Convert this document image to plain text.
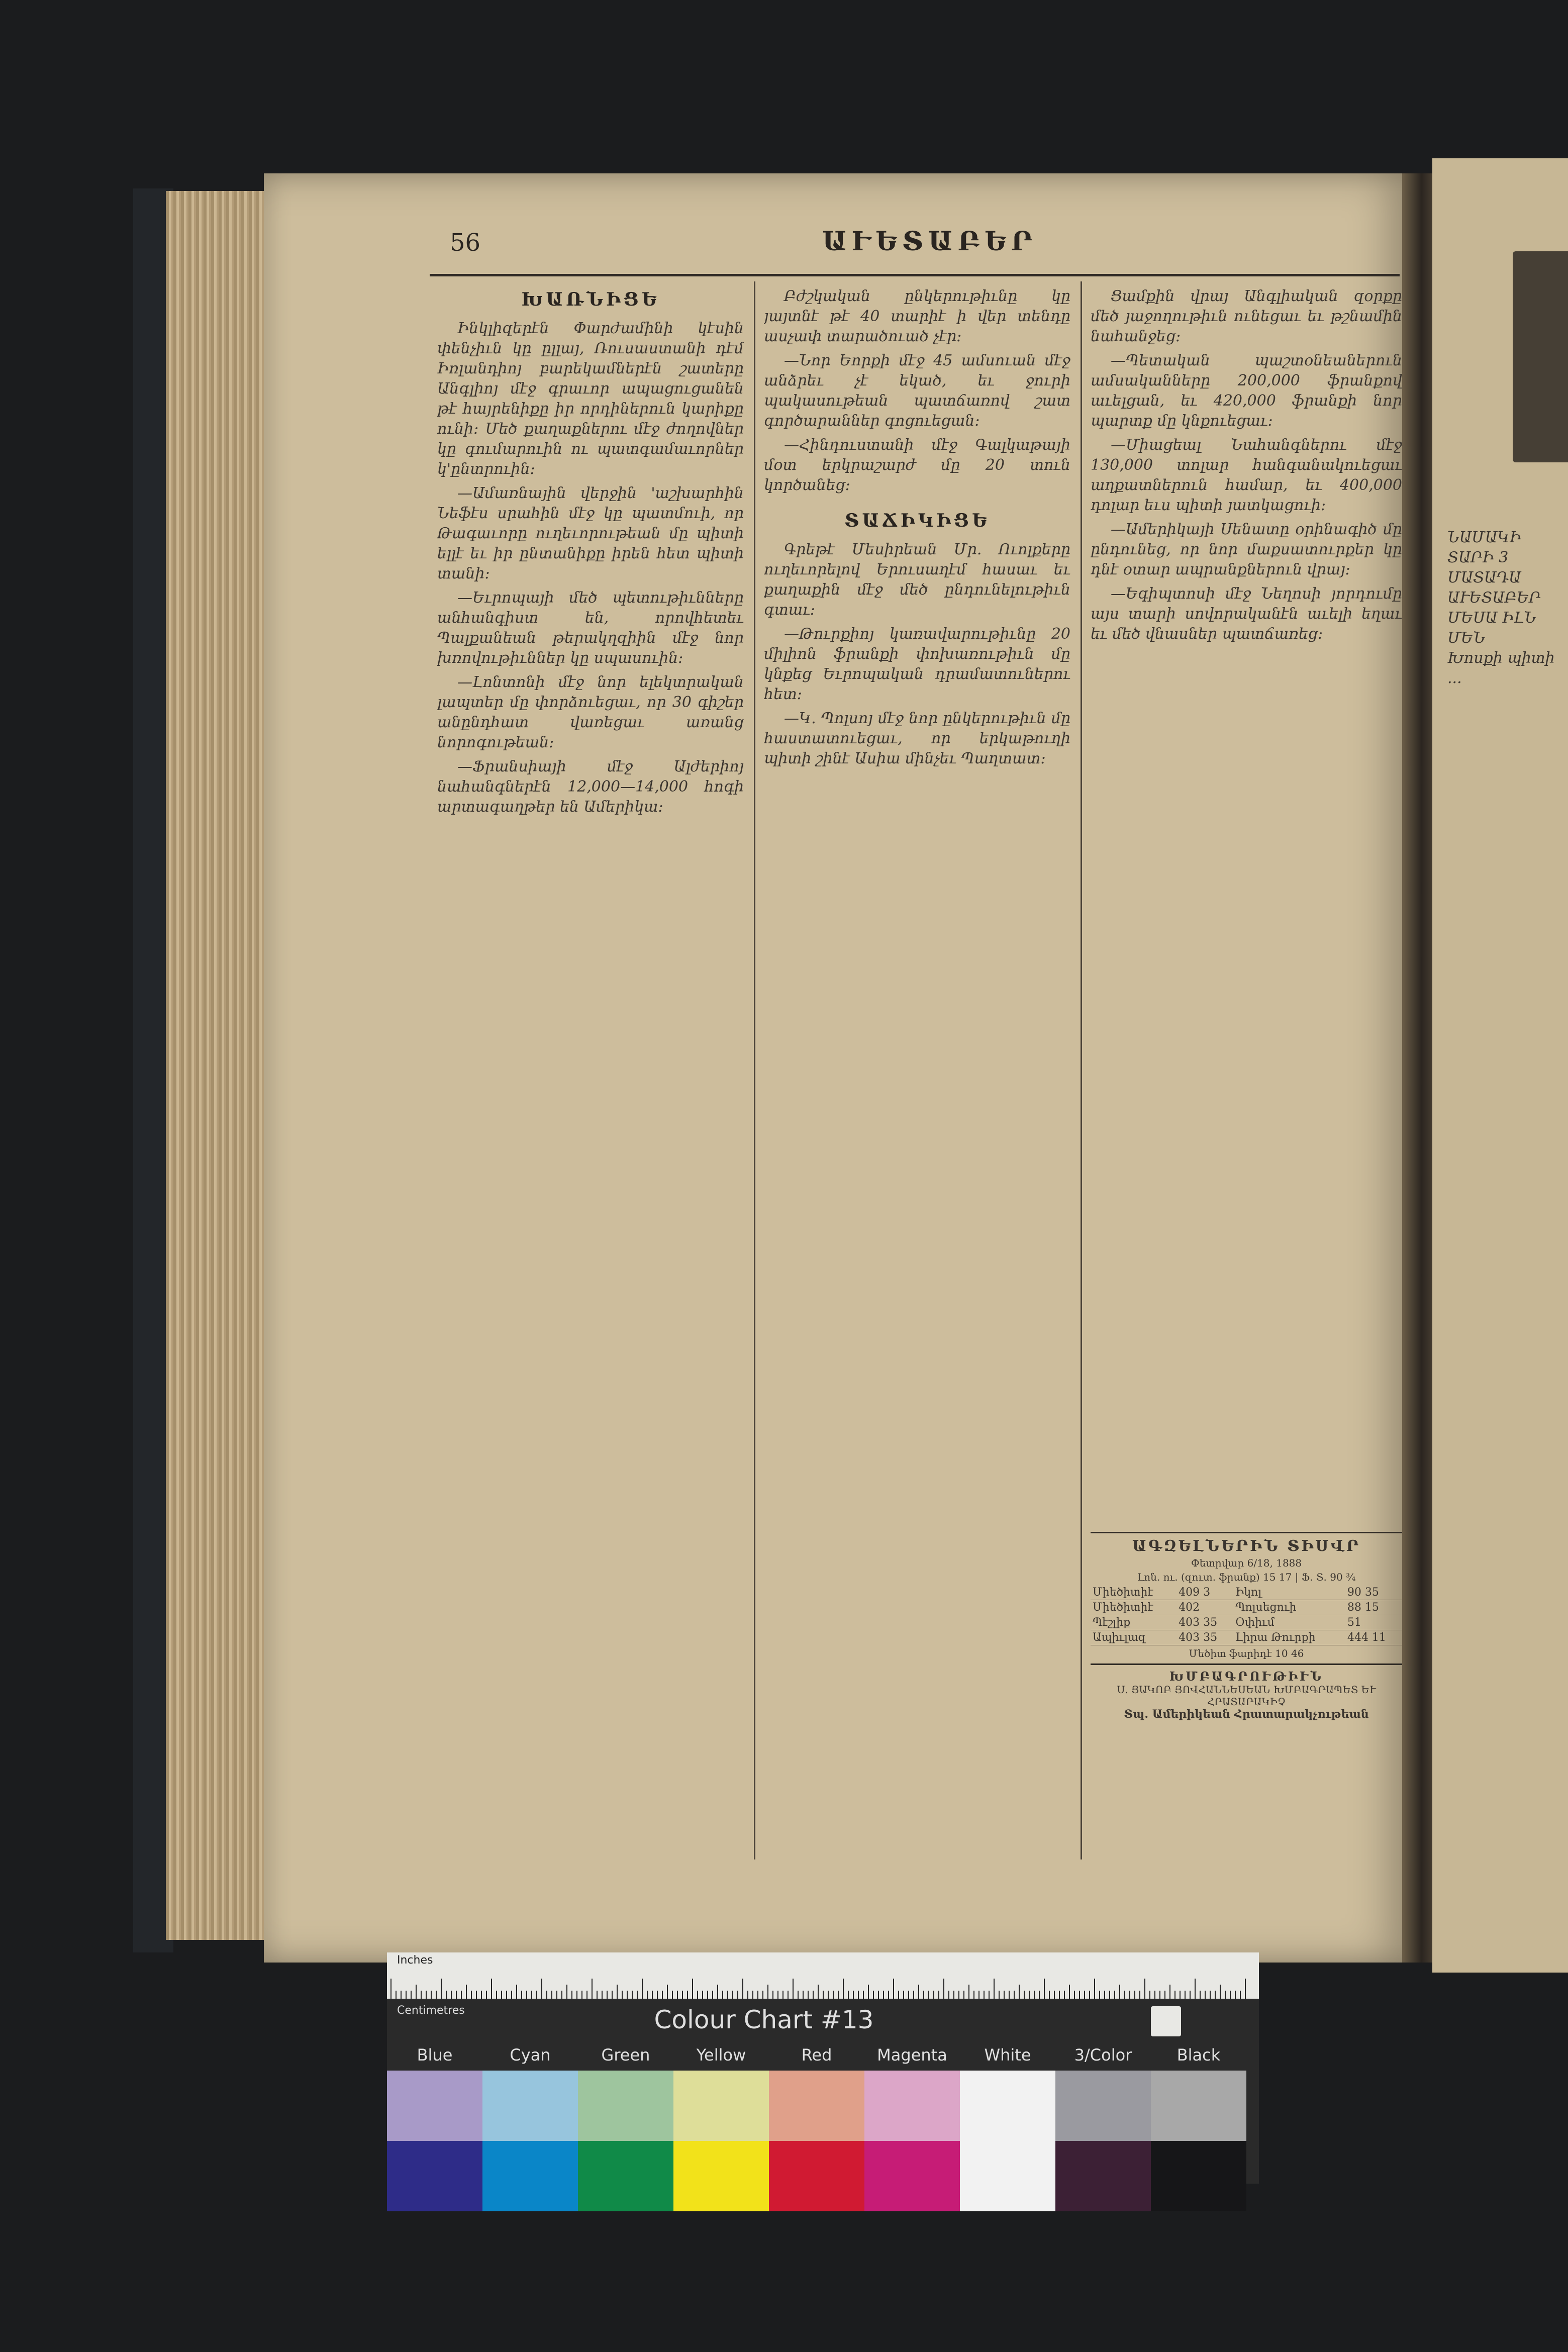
56	ԱՒԵՏԱԲԵՐ
ԽԱՌՆԻՑԵ

Ինկլիզերէն Փարժամինի կէսին փենչիւն կը ըլլայ, Ռուսաստանի դէմ Իռլանդիոյ բարեկամներէն շատերը Անգլիոյ մէջ գրաւոր ապացուցանեն թէ հայրենիքը իր որդիներուն կարիքը ունի։ Մեծ քաղաքներու մէջ ժողովներ կը գումարուին ու պատգամաւորներ կ'ընտրուին։

—Ամառնային վերջին 'աշխարհին Նեֆէս սրահին մէջ կը պատմուի, որ Թագաւորը ուղեւորութեան մը պիտի ելլէ եւ իր ընտանիքը իրեն հետ պիտի տանի։

—Եւրոպայի մեծ պետութիւնները անհանգիստ են, որովհետեւ Պալքանեան թերակղզիին մէջ նոր խռովութիւններ կը սպասուին։

—Լոնտոնի մէջ նոր ելեկտրական լապտեր մը փորձուեցաւ, որ 30 գիշեր անընդհատ վառեցաւ առանց նորոգութեան։

—Ֆրանսիայի մէջ Ալժերիոյ նահանգներէն 12,000—14,000 հոգի արտագաղթեր են Ամերիկա։

Բժշկական ընկերութիւնը կը յայտնէ թէ 40 տարիէ ի վեր տենդը ասչափ տարածուած չէր։

—Նոր Եորքի մէջ 45 ամսուան մէջ անձրեւ չէ եկած, եւ ջուրի պակասութեան պատճառով շատ գործարաններ գոցուեցան։

—Հինդուստանի մէջ Գալկաթայի մօտ երկրաշարժ մը 20 տուն կործանեց։

ՏԱՃԻԿԻՑԵ

Գրեթէ Մեսիրեան Մր. Ուոլքերը ուղեւորելով Երուսաղէմ հասաւ եւ քաղաքին մէջ մեծ ընդունելութիւն գտաւ։

—Թուրքիոյ կառավարութիւնը 20 միլիոն ֆրանքի փոխառութիւն մը կնքեց Եւրոպական դրամատուներու հետ։

—Կ. Պոլսոյ մէջ նոր ընկերութիւն մը հաստատուեցաւ, որ երկաթուղի պիտի շինէ Ասիա մինչեւ Պաղտատ։

Ցամքին վրայ Անգլիական զօրքը մեծ յաջողութիւն ունեցաւ եւ թշնամին նահանջեց։

—Պետական պաշտօնեաներուն ամսականները 200,000 ֆրանքով աւելցան, եւ 420,000 ֆրանքի նոր պարտք մը կնքուեցաւ։

—Միացեալ Նահանգներու մէջ 130,000 տոլար հանգանակուեցաւ աղքատներուն համար, եւ 400,000 դոլար եւս պիտի յատկացուի։

—Ամերիկայի Սենատը օրինագիծ մը ընդունեց, որ նոր մաքսատուրքեր կը դնէ օտար ապրանքներուն վրայ։

—Եգիպտոսի մէջ Նեղոսի յորդումը այս տարի սովորականէն աւելի եղաւ եւ մեծ վնասներ պատճառեց։

ԱԳԶԵԼՆԵՐԻՆ ՏԻՍՎՐ
Փետրվար 6/18, 1888
Լոն. ու. (զուտ. ֆրանք) 15 17 | Ֆ. Տ. 90 ¾
Միեծիտիէ	409 3	Իկոլ	90 35
Միեծիտիէ	402	Պոլսեցուի	88 15
Պէշլիք	403 35	Օփիւմ	51
Ապիւլազ	403 35	Լիրա Թուրքի	444 11
Մեծիտ ֆարիդէ 10 46
ԽՄԲԱԳՐՈՒԹԻՒՆ
Ս. ՅԱԿՈԲ ՅՈՎՀԱՆՆԵՍԵԱՆ ԽՄԲԱԳՐԱՊԵՏ ԵՒ ՀՐԱՏԱՐԱԿԻՉ
Տպ. Ամերիկեան Հրատարակչութեան
ՆԱՄԱԿԻ
ՏԱՐԻ 3
ՄԱՏԱԴԱ
ԱՒԵՏԱԲԵՐ
ՄԵՍԱ ԻԼՆ ՄԵՆ
Խոսքի պիտի ...
Inches
Centimetres	Colour Chart #13
Blue	Cyan	Green	Yellow	Red	Magenta	White	3/Color	Black
